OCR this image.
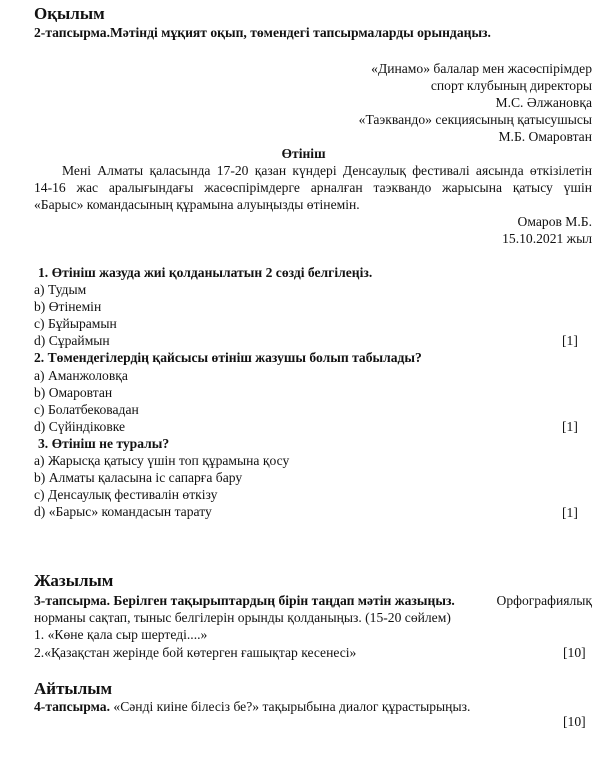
Оқылым
2-тапсырма.Мәтінді мұқият оқып, төмендегі тапсырмаларды орындаңыз.
«Динамо» балалар мен жасөспірімдер
спорт клубының директоры
М.С. Әлжановқа
«Таэквандо» секциясының қатысушысы
М.Б. Омаровтан
Өтініш
Мені Алматы қаласында 17-20 қазан күндері Денсаулық фестивалі аясында өткізілетін
14-16 жас аралығындағы жасөспірімдерге арналған таэквандо жарысына қатысу үшін
«Барыс» командасының құрамына алуыңызды өтінемін.
Омаров М.Б.
15.10.2021 жыл
1. Өтініш жазуда жиі қолданылатын 2 сөзді белгілеңіз.
a) Тудым
b) Өтінемін
c) Бұйырамын
d) Сұраймын	[1]
2. Төмендегілердің қайсысы өтініш жазушы болып табылады?
a) Аманжоловқа
b) Омаровтан
c) Болатбековадан
d) Сүйіндіковке	[1]
3. Өтініш не туралы?
а) Жарысқа қатысу үшін топ құрамына қосу
b) Алматы қаласына іс сапарға бару
c) Денсаулық фестивалін өткізу
d) «Барыс» командасын тарату	[1]
Жазылым
3-тапсырма. Берілген тақырыптардың бірін таңдап мәтін жазыңыз.	Орфографиялық
норманы сақтап, тыныс белгілерін орынды қолданыңыз. (15-20 сөйлем)
1. «Көне қала сыр шертеді....»
2.«Қазақстан жерінде бой көтерген ғашықтар кесенесі»	[10]
Айтылым
4-тапсырма. «Сәнді киіне білесіз бе?» тақырыбына диалог құрастырыңыз.
[10]
